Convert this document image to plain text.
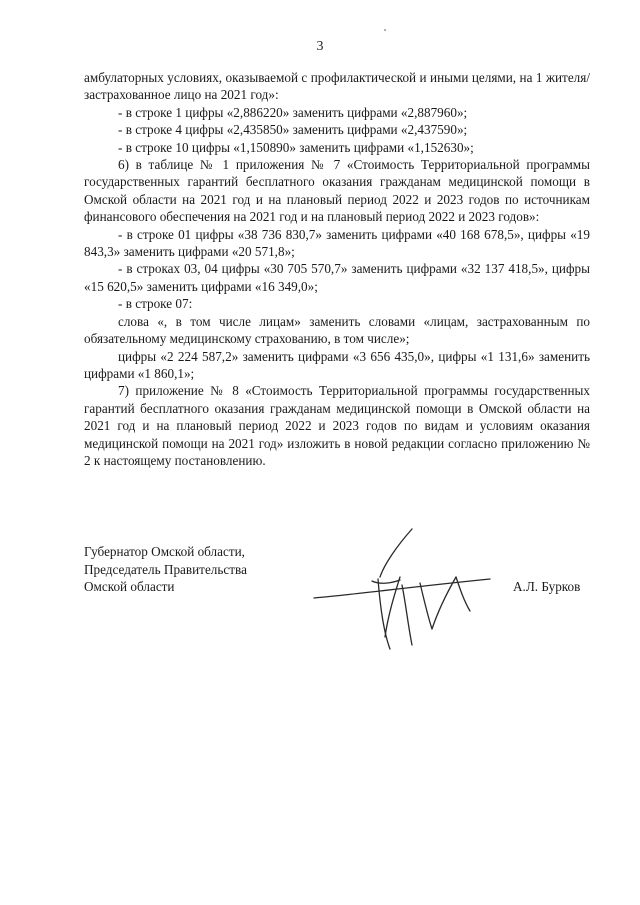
3

амбулаторных условиях, оказываемой с профилактической и иными целями, на 1 жителя/застрахованное лицо на 2021 год»:

- в строке 1 цифры «2,886220» заменить цифрами «2,887960»;

- в строке 4 цифры «2,435850» заменить цифрами «2,437590»;

- в строке 10 цифры «1,150890» заменить цифрами «1,152630»;

6) в таблице № 1 приложения № 7 «Стоимость Территориальной программы государственных гарантий бесплатного оказания гражданам медицинской помощи в Омской области на 2021 год и на плановый период 2022 и 2023 годов по источникам финансового обеспечения на 2021 год и на плановый период 2022 и 2023 годов»:

- в строке 01 цифры «38 736 830,7» заменить цифрами «40 168 678,5», цифры «19 843,3» заменить цифрами «20 571,8»;

- в строках 03, 04 цифры «30 705 570,7» заменить цифрами «32 137 418,5», цифры «15 620,5» заменить цифрами «16 349,0»;

- в строке 07:

слова «, в том числе лицам» заменить словами «лицам, застрахованным по обязательному медицинскому страхованию, в том числе»;

цифры «2 224 587,2» заменить цифрами «3 656 435,0», цифры «1 131,6» заменить цифрами «1 860,1»;

7) приложение № 8 «Стоимость Территориальной программы государственных гарантий бесплатного оказания гражданам медицинской помощи в Омской области на 2021 год и на плановый период 2022 и 2023 годов по видам и условиям оказания медицинской помощи на 2021 год» изложить в новой редакции согласно приложению № 2 к настоящему постановлению.

Губернатор Омской области,
Председатель Правительства
Омской области	А.Л. Бурков
